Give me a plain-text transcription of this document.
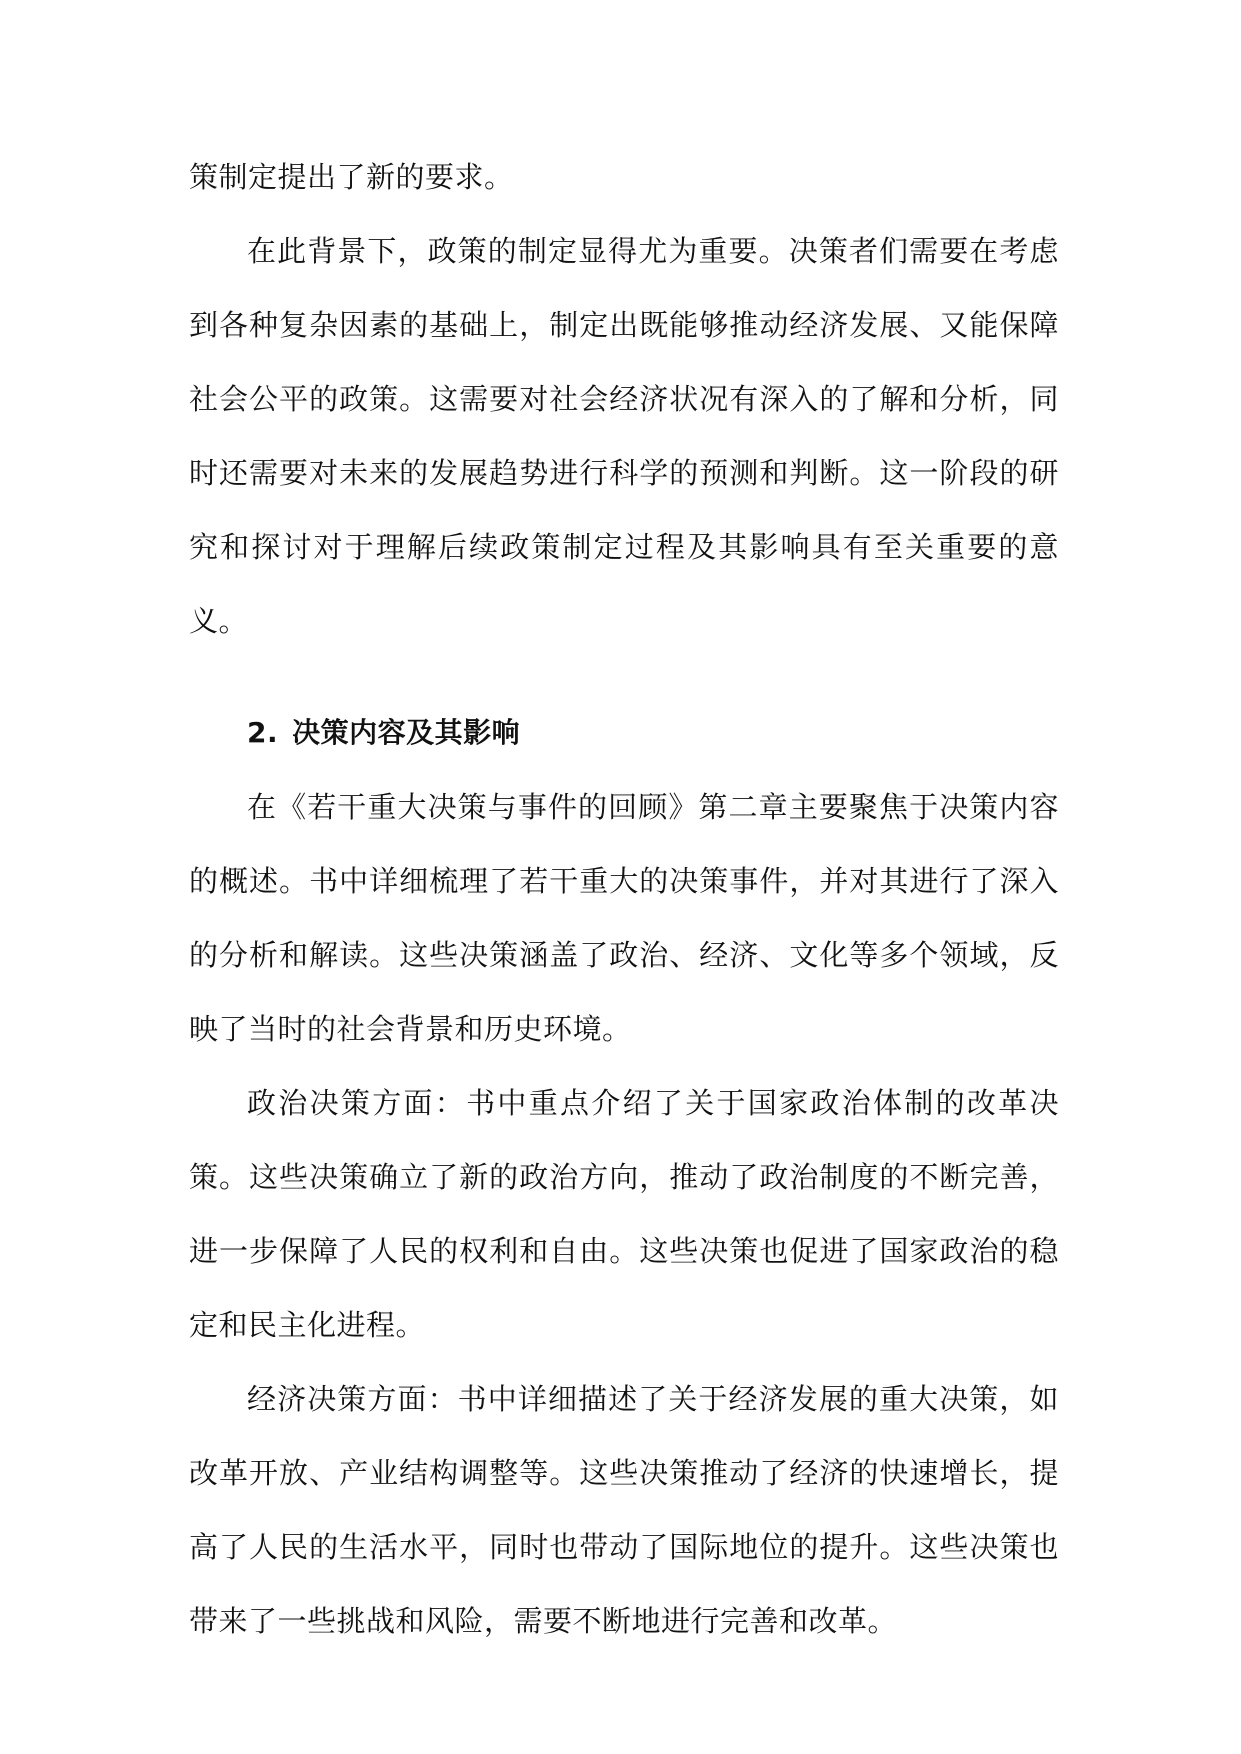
策制定提出了新的要求。

在此背景下，政策的制定显得尤为重要。决策者们需要在考虑到各种复杂因素的基础上，制定出既能够推动经济发展、又能保障社会公平的政策。这需要对社会经济状况有深入的了解和分析，同时还需要对未来的发展趋势进行科学的预测和判断。这一阶段的研究和探讨对于理解后续政策制定过程及其影响具有至关重要的意义。

2. 决策内容及其影响

在《若干重大决策与事件的回顾》第二章主要聚焦于决策内容的概述。书中详细梳理了若干重大的决策事件，并对其进行了深入的分析和解读。这些决策涵盖了政治、经济、文化等多个领域，反映了当时的社会背景和历史环境。

政治决策方面：书中重点介绍了关于国家政治体制的改革决策。这些决策确立了新的政治方向，推动了政治制度的不断完善，进一步保障了人民的权利和自由。这些决策也促进了国家政治的稳定和民主化进程。

经济决策方面：书中详细描述了关于经济发展的重大决策，如改革开放、产业结构调整等。这些决策推动了经济的快速增长，提高了人民的生活水平，同时也带动了国际地位的提升。这些决策也带来了一些挑战和风险，需要不断地进行完善和改革。
